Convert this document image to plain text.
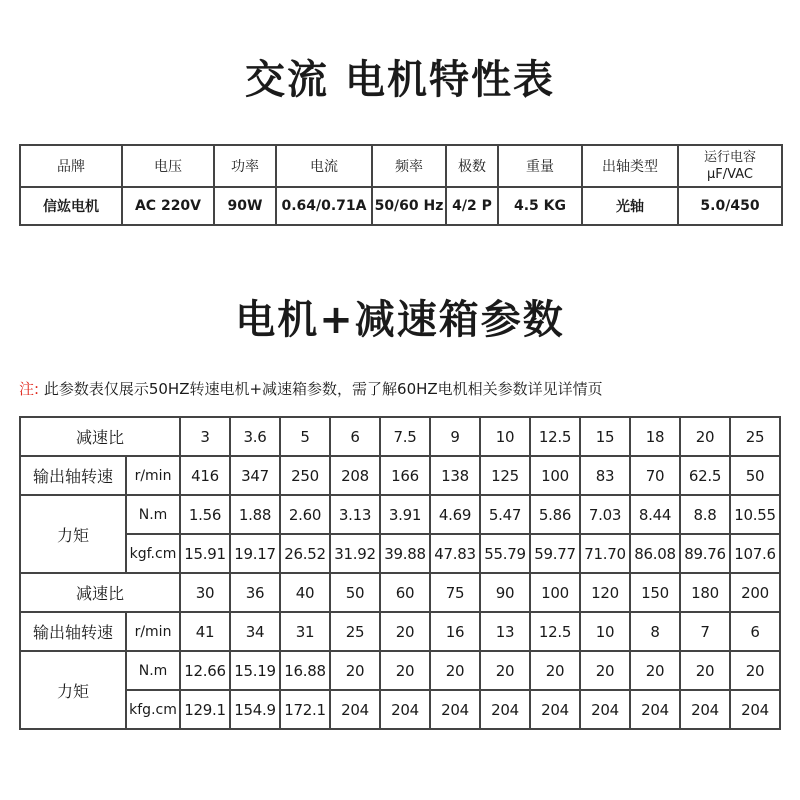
交流 电机特性表
品牌	电压	功率	电流	频率	极数	重量	出轴类型	运行电容
μF/VAC

信竑电机	AC 220V	90W	0.64/0.71A	50/60 Hz	4/2 P	4.5 KG	光轴	5.0/450
电机+减速箱参数

注: 此参数表仅展示50HZ转速电机+减速箱参数，需了解60HZ电机相关参数详见详情页

减速比		3	3.6	5	6	7.5	9	10	12.5	15	18	20	25
输出轴转速	r/min	416	347	250	208	166	138	125	100	83	70	62.5	50
力矩	N.m	1.56	1.88	2.60	3.13	3.91	4.69	5.47	5.86	7.03	8.44	8.8	10.55
	kgf.cm	15.91	19.17	26.52	31.92	39.88	47.83	55.79	59.77	71.70	86.08	89.76	107.6
减速比		30	36	40	50	60	75	90	100	120	150	180	200
输出轴转速	r/min	41	34	31	25	20	16	13	12.5	10	8	7	6
力矩	N.m	12.66	15.19	16.88	20	20	20	20	20	20	20	20	20
	kfg.cm	129.1	154.9	172.1	204	204	204	204	204	204	204	204	204
